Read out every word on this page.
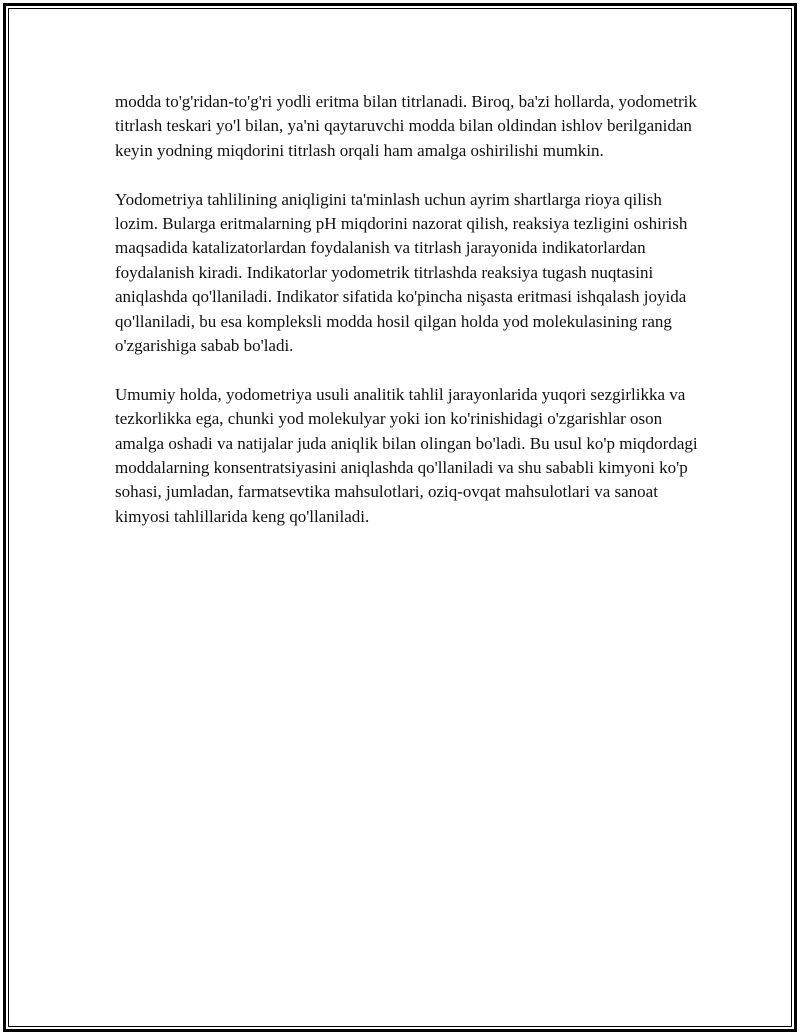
modda to'g'ridan-to'g'ri yodli eritma bilan titrlanadi. Biroq, ba'zi hollarda, yodometrik titrlash teskari yo'l bilan, ya'ni qaytaruvchi modda bilan oldindan ishlov berilganidan keyin yodning miqdorini titrlash orqali ham amalga oshirilishi mumkin.

Yodometriya tahlilining aniqligini ta'minlash uchun ayrim shartlarga rioya qilish lozim. Bularga eritmalarning pH miqdorini nazorat qilish, reaksiya tezligini oshirish maqsadida katalizatorlardan foydalanish va titrlash jarayonida indikatorlardan foydalanish kiradi. Indikatorlar yodometrik titrlashda reaksiya tugash nuqtasini aniqlashda qo'llaniladi. Indikator sifatida ko'pincha nişasta eritmasi ishqalash joyida qo'llaniladi, bu esa kompleksli modda hosil qilgan holda yod molekulasining rang o'zgarishiga sabab bo'ladi.

Umumiy holda, yodometriya usuli analitik tahlil jarayonlarida yuqori sezgirlikka va tezkorlikka ega, chunki yod molekulyar yoki ion ko'rinishidagi o'zgarishlar oson amalga oshadi va natijalar juda aniqlik bilan olingan bo'ladi. Bu usul ko'p miqdordagi moddalarning konsentratsiyasini aniqlashda qo'llaniladi va shu sababli kimyoni ko'p sohasi, jumladan, farmatsevtika mahsulotlari, oziq-ovqat mahsulotlari va sanoat kimyosi tahlillarida keng qo'llaniladi.
